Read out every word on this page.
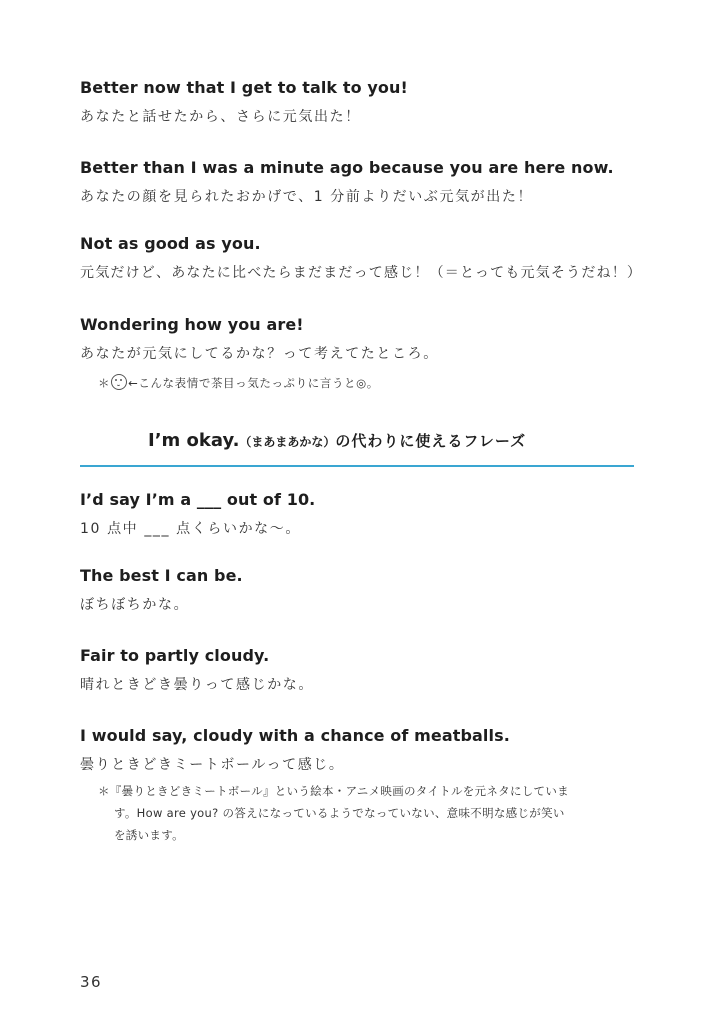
Better now that I get to talk to you!
あなたと話せたから、さらに元気出た！
Better than I was a minute ago because you are here now.
あなたの顔を見られたおかげで、1 分前よりだいぶ元気が出た！
Not as good as you.
元気だけど、あなたに比べたらまだまだって感じ！（＝とっても元気そうだね！）
Wondering how you are!
あなたが元気にしてるかな？って考えてたところ。
＊ ←こんな表情で茶目っ気たっぷりに言うと◎。
I’m okay.（まあまあかな）の代わりに使えるフレーズ
I’d say I’m a ___ out of 10.
10 点中 ___ 点くらいかな～。
The best I can be.
ぼちぼちかな。
Fair to partly cloudy.
晴れときどき曇りって感じかな。
I would say, cloudy with a chance of meatballs.
曇りときどきミートボールって感じ。
＊『曇りときどきミートボール』という絵本・アニメ映画のタイトルを元ネタにしていま
す。How are you? の答えになっているようでなっていない、意味不明な感じが笑い
を誘います。
36
